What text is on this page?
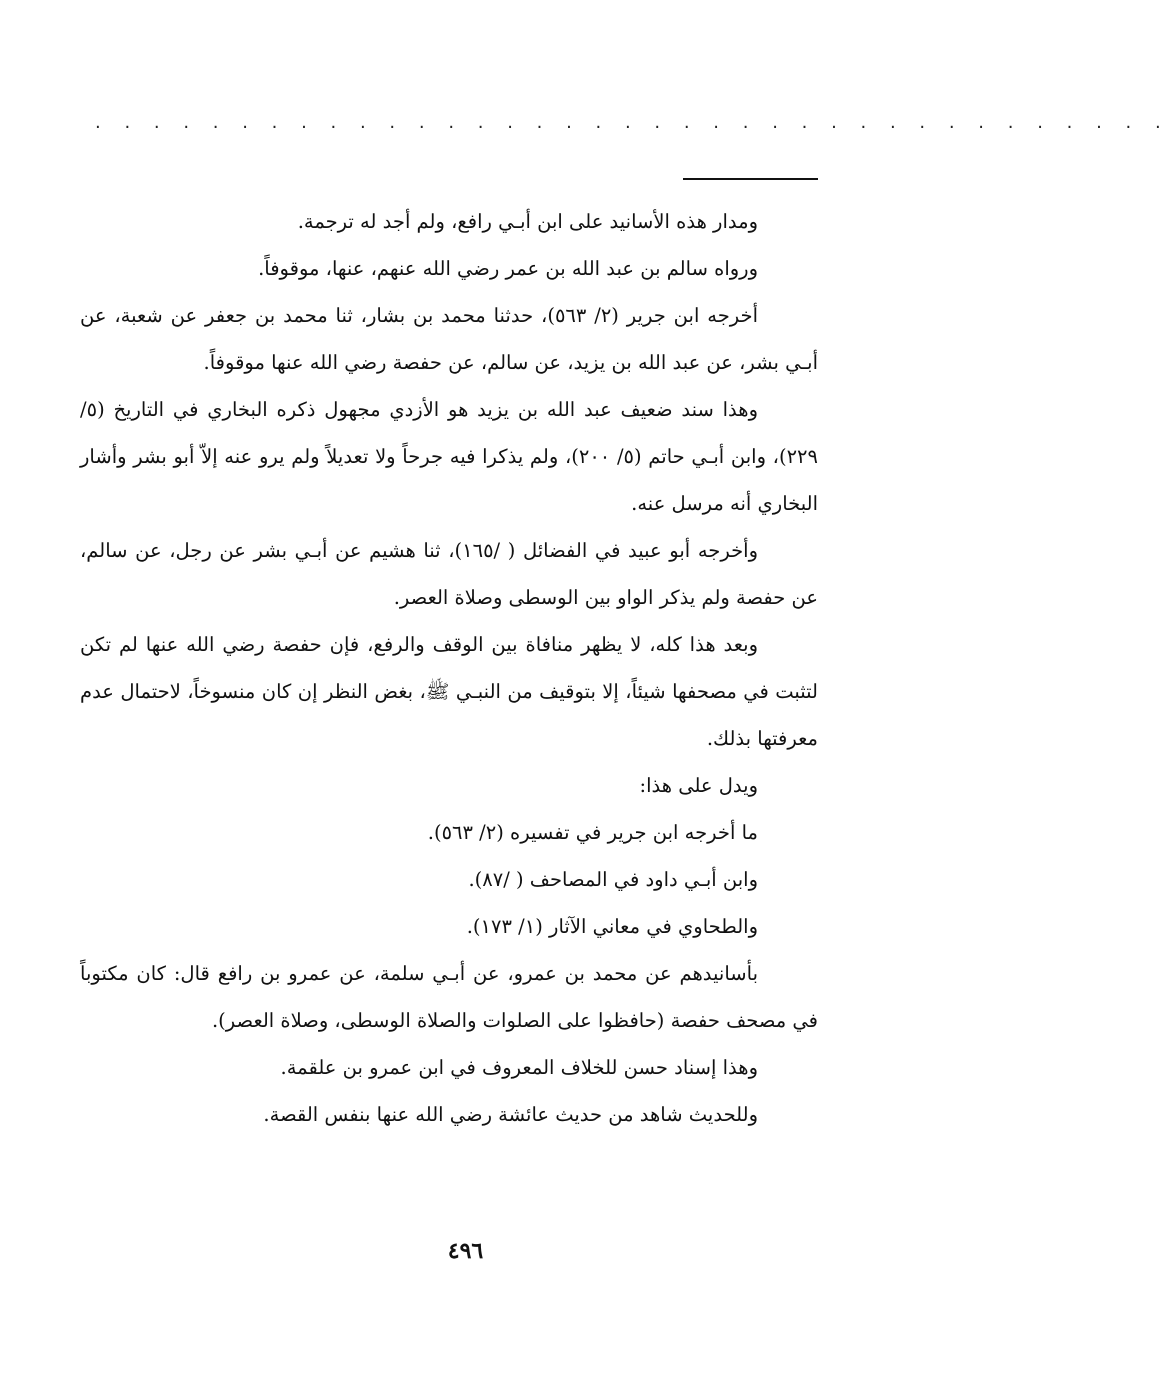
. . . . . . . . . . . . . . . . . . . . . . . . . . . . . . . . . . . . .

ومدار هذه الأسانيد على ابن أبـي رافع، ولم أجد له ترجمة.

ورواه سالم بن عبد الله بن عمر رضي الله عنهم، عنها، موقوفاً.

أخرجه ابن جرير (٢/ ٥٦٣)، حدثنا محمد بن بشار، ثنا محمد بن جعفر عن شعبة، عن أبـي بشر، عن عبد الله بن يزيد، عن سالم، عن حفصة رضي الله عنها موقوفاً.

وهذا سند ضعيف عبد الله بن يزيد هو الأزدي مجهول ذكره البخاري في التاريخ (٥/ ٢٢٩)، وابن أبـي حاتم (٥/ ٢٠٠)، ولم يذكرا فيه جرحاً ولا تعديلاً ولم يرو عنه إلاّ أبو بشر وأشار البخاري أنه مرسل عنه.

وأخرجه أبو عبيد في الفضائل ( /١٦٥)، ثنا هشيم عن أبـي بشر عن رجل، عن سالم، عن حفصة ولم يذكر الواو بين الوسطى وصلاة العصر.

وبعد هذا كله، لا يظهر منافاة بين الوقف والرفع، فإن حفصة رضي الله عنها لم تكن لتثبت في مصحفها شيئاً، إلا بتوقيف من النبـي ﷺ، بغض النظر إن كان منسوخاً، لاحتمال عدم معرفتها بذلك.

ويدل على هذا:

ما أخرجه ابن جرير في تفسيره (٢/ ٥٦٣).

وابن أبـي داود في المصاحف ( /٨٧).

والطحاوي في معاني الآثار (١/ ١٧٣).

بأسانيدهم عن محمد بن عمرو، عن أبـي سلمة، عن عمرو بن رافع قال: كان مكتوباً في مصحف حفصة (حافظوا على الصلوات والصلاة الوسطى، وصلاة العصر).

وهذا إسناد حسن للخلاف المعروف في ابن عمرو بن علقمة.

وللحديث شاهد من حديث عائشة رضي الله عنها بنفس القصة.

٤٩٦
